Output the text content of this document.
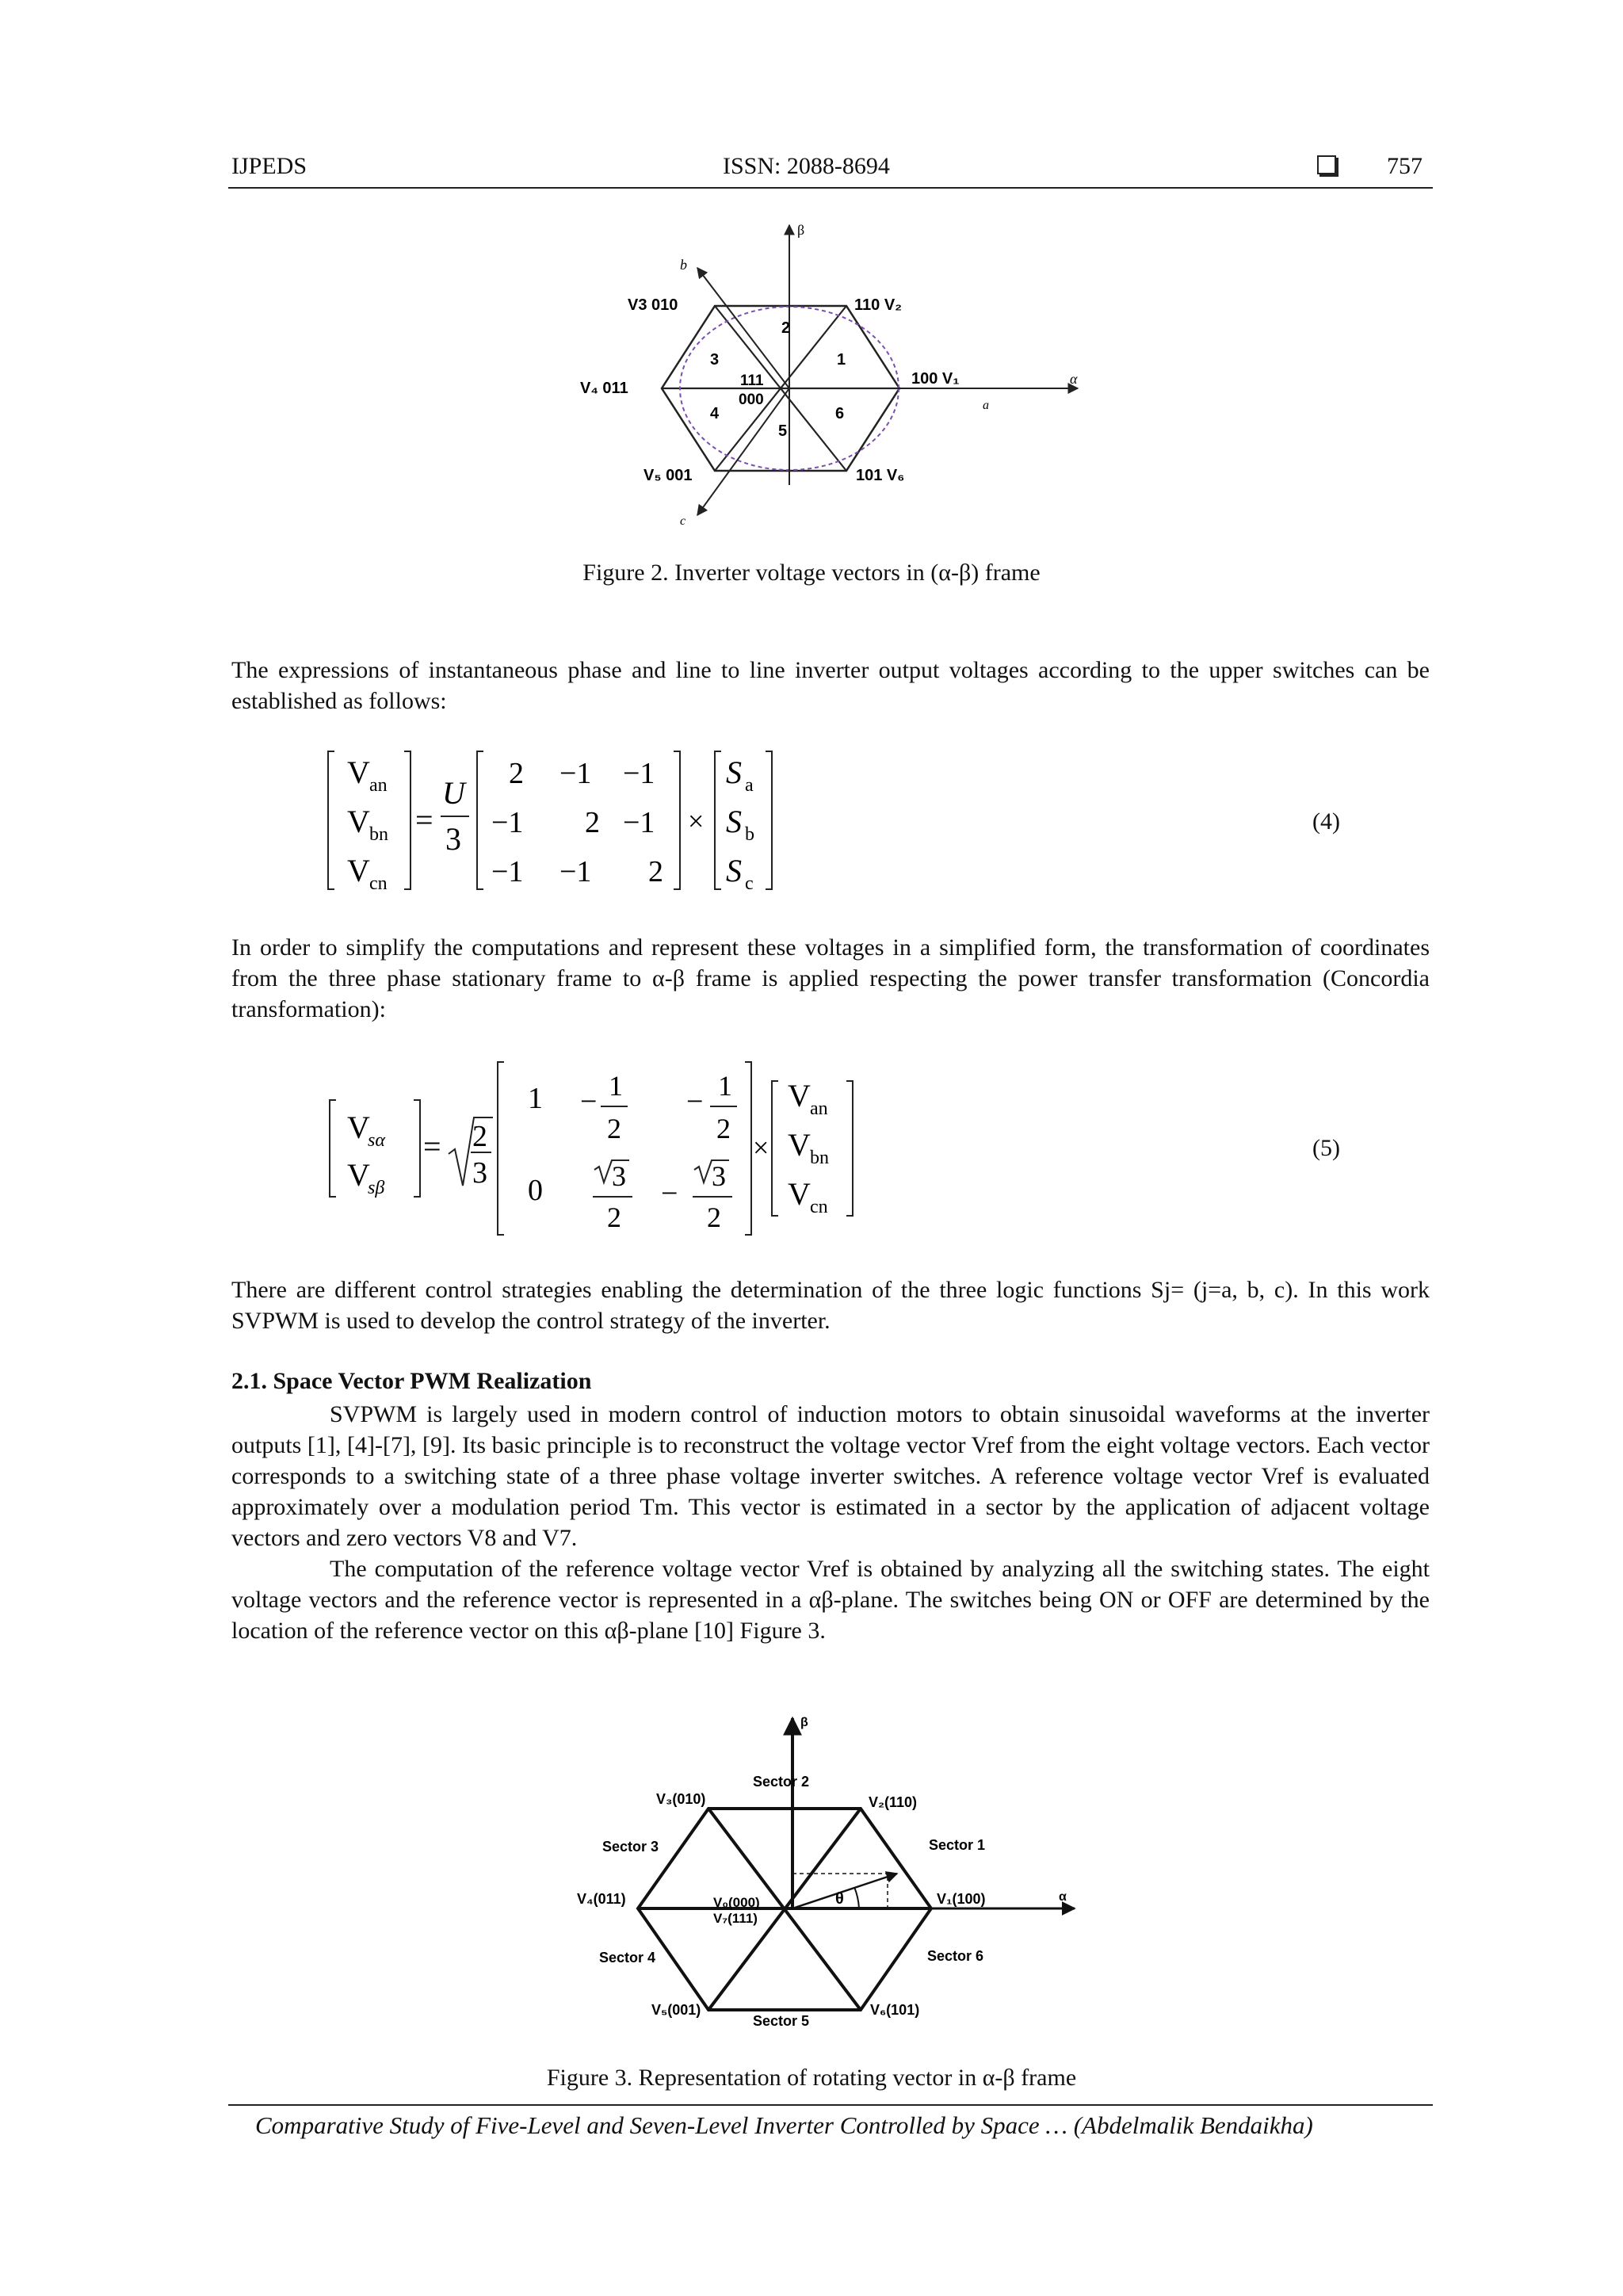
IJPEDS	ISSN: 2088-8694	757
β
α
a
b
c
100 V₁
110 V₂
V3 010
V₄ 011
V₅ 001	101 V₆
111
000
1
2
3
4
5
6
Figure 2. Inverter voltage vectors in (α-β) frame
The expressions of instantaneous phase and line to line inverter output voltages according to the upper switches can be established as follows:
V an
V bn
V cn
=
U
3
2 −1 −1
−1 2 −1
−1 −1 2
×
S a
S b
S c
(4)
In order to simplify the computations and represent these voltages in a simplified form, the transformation of coordinates from the three phase stationary frame to α-β frame is applied respecting the power transfer transformation (Concordia transformation):
V
sα
V
sβ
= 2
3
1 − 1
2
− 1
2
0 3
2
−
3
2
×
V an
V bn
V cn
(5)
There are different control strategies enabling the determination of the three logic functions Sj= (j=a, b, c). In this work SVPWM is used to develop the control strategy of the inverter.
2.1. Space Vector PWM Realization
SVPWM is largely used in modern control of induction motors to obtain sinusoidal waveforms at the inverter outputs [1], [4]-[7], [9]. Its basic principle is to reconstruct the voltage vector Vref from the eight voltage vectors. Each vector corresponds to a switching state of a three phase voltage inverter switches. A reference voltage vector Vref is evaluated approximately over a modulation period Tm. This vector is estimated in a sector by the application of adjacent voltage vectors and zero vectors V8 and V7.
The computation of the reference voltage vector Vref is obtained by analyzing all the switching states. The eight voltage vectors and the reference vector is represented in a αβ-plane. The switches being ON or OFF are determined by the location of the reference vector on this αβ-plane [10] Figure 3.
θ
β
α
Sector 2
Sector 1
Sector 3
Sector 4	Sector 6
Sector 5
V₃(010)	V₂(110)
V₄(011)	V₁(100)
V₅(001)	V₆(101)
V₀(000)
V₇(111)
Figure 3. Representation of rotating vector in α-β frame
Comparative Study of Five-Level and Seven-Level Inverter Controlled by Space … (Abdelmalik Bendaikha)
